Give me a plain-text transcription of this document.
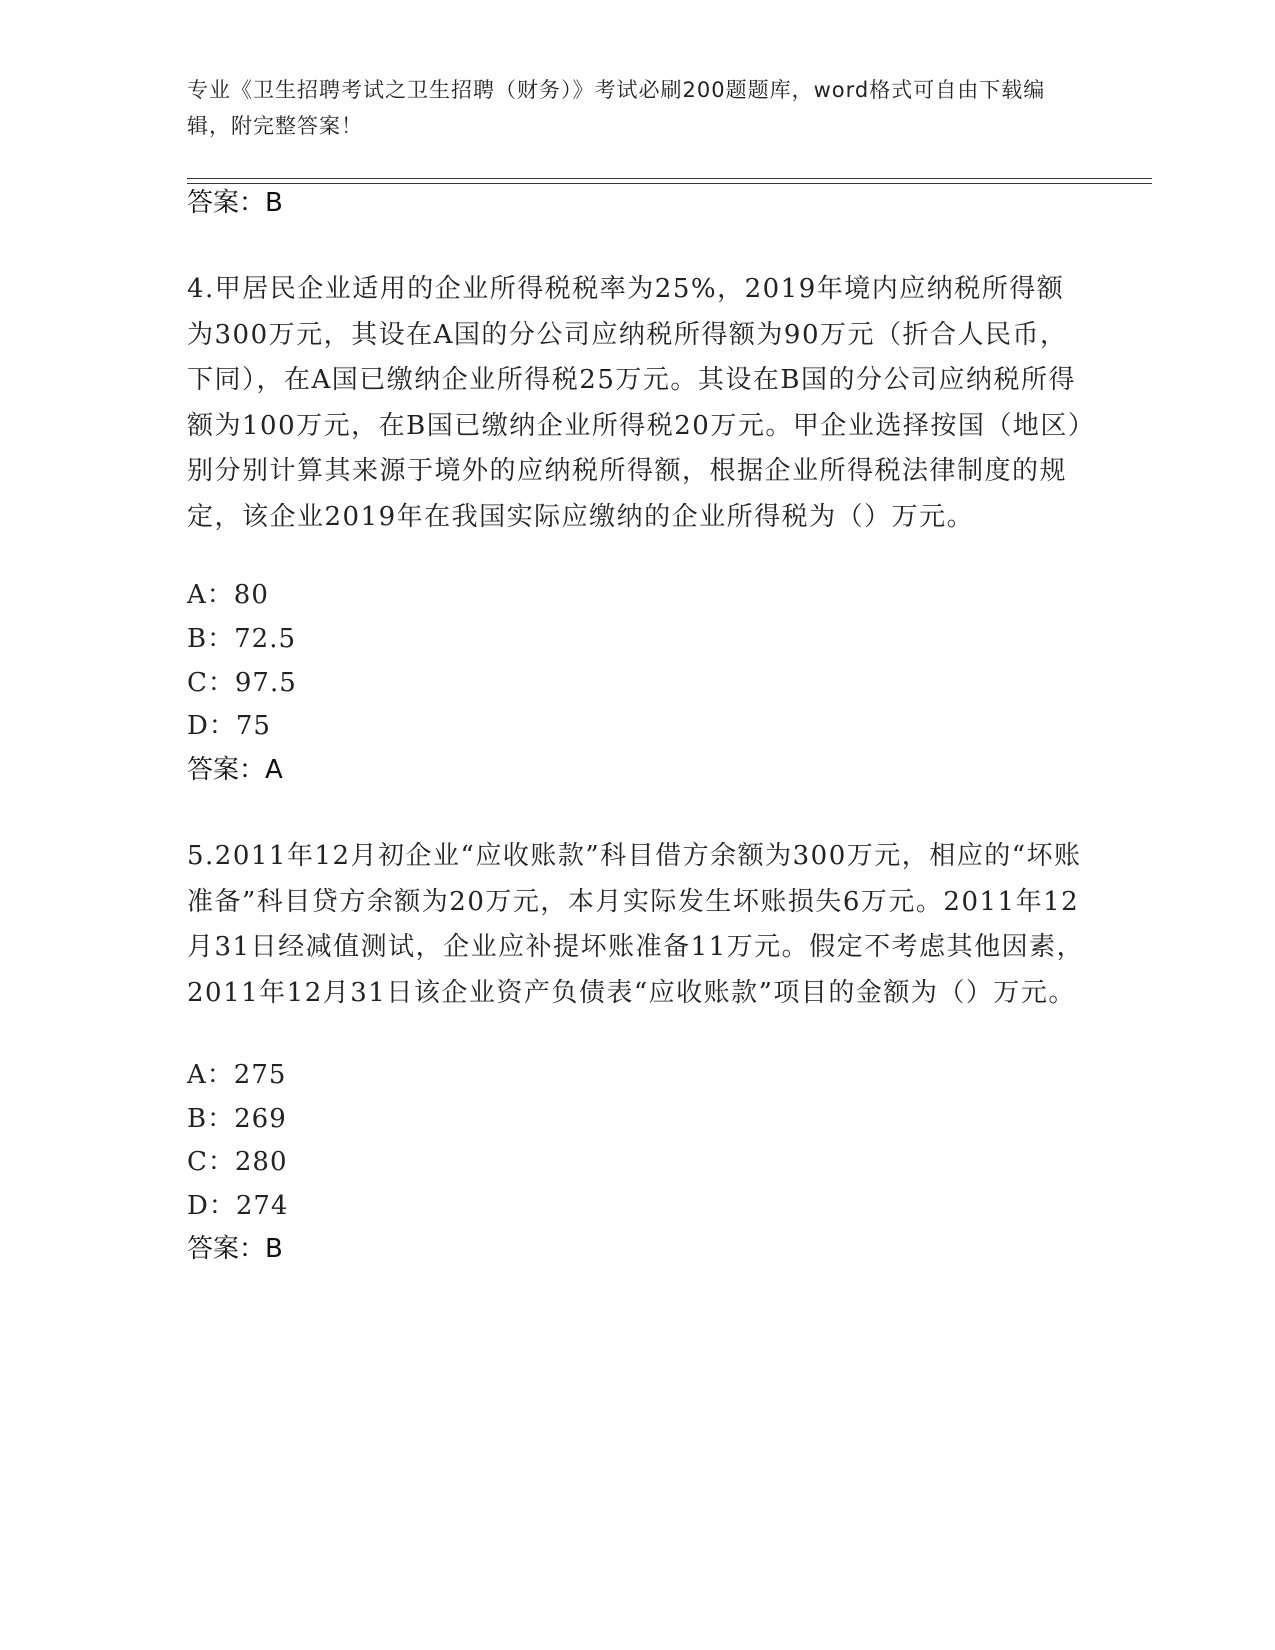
专业《卫生招聘考试之卫生招聘（财务）》考试必刷200题题库，word格式可自由下载编辑，附完整答案！
答案：B
4.甲居民企业适用的企业所得税税率为25%，2019年境内应纳税所得额为300万元，其设在A国的分公司应纳税所得额为90万元（折合人民币，下同），在A国已缴纳企业所得税25万元。其设在B国的分公司应纳税所得额为100万元，在B国已缴纳企业所得税20万元。甲企业选择按国（地区）别分别计算其来源于境外的应纳税所得额，根据企业所得税法律制度的规定，该企业2019年在我国实际应缴纳的企业所得税为（）万元。
A：80
B：72.5
C：97.5
D：75
答案：A
5.2011年12月初企业“应收账款”科目借方余额为300万元，相应的“坏账准备”科目贷方余额为20万元，本月实际发生坏账损失6万元。2011年12月31日经减值测试，企业应补提坏账准备11万元。假定不考虑其他因素，2011年12月31日该企业资产负债表“应收账款”项目的金额为（）万元。
A：275
B：269
C：280
D：274
答案：B
